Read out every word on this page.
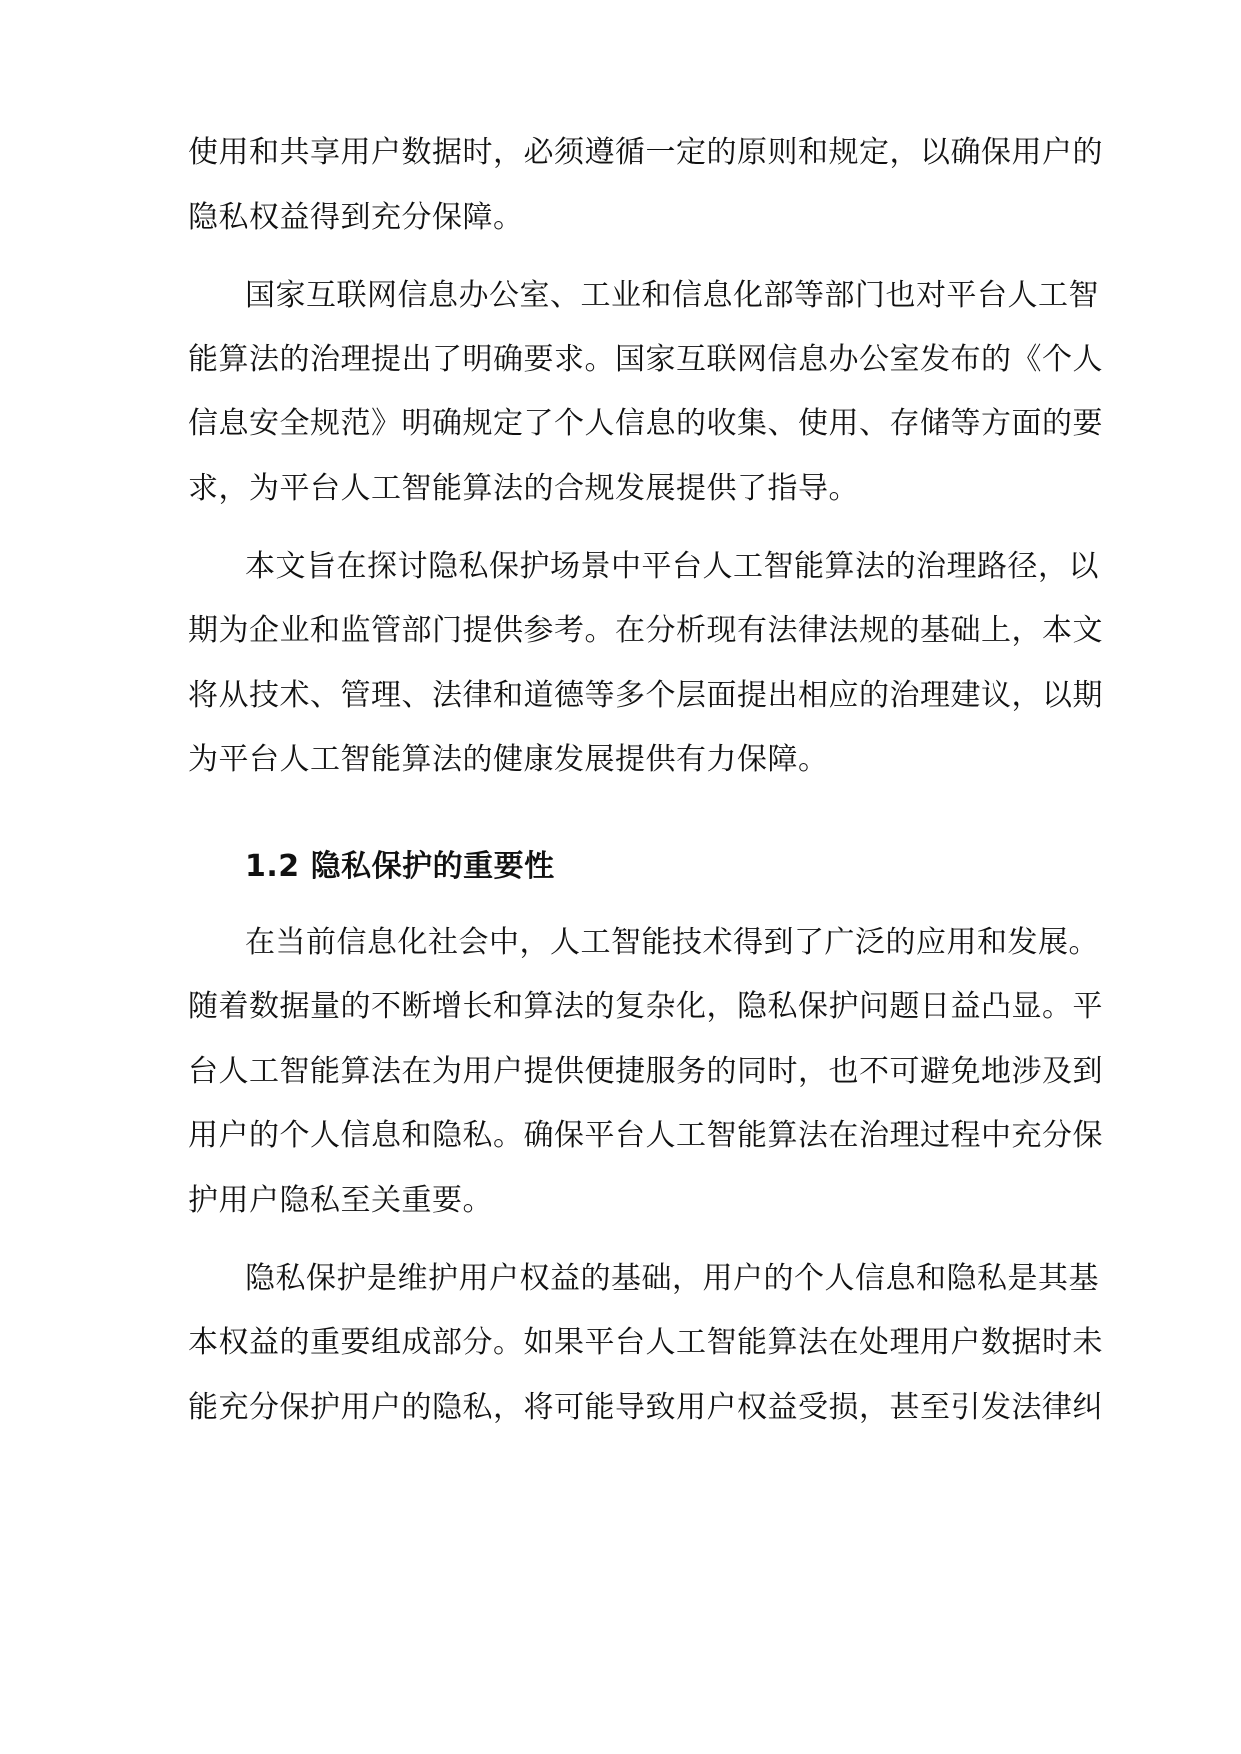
使用和共享用户数据时，必须遵循一定的原则和规定，以确保用户的

隐私权益得到充分保障。

国家互联网信息办公室、工业和信息化部等部门也对平台人工智

能算法的治理提出了明确要求。国家互联网信息办公室发布的《个人

信息安全规范》明确规定了个人信息的收集、使用、存储等方面的要

求，为平台人工智能算法的合规发展提供了指导。

本文旨在探讨隐私保护场景中平台人工智能算法的治理路径，以

期为企业和监管部门提供参考。在分析现有法律法规的基础上，本文

将从技术、管理、法律和道德等多个层面提出相应的治理建议，以期

为平台人工智能算法的健康发展提供有力保障。

1.2 隐私保护的重要性

在当前信息化社会中，人工智能技术得到了广泛的应用和发展。

随着数据量的不断增长和算法的复杂化，隐私保护问题日益凸显。平

台人工智能算法在为用户提供便捷服务的同时，也不可避免地涉及到

用户的个人信息和隐私。确保平台人工智能算法在治理过程中充分保

护用户隐私至关重要。

隐私保护是维护用户权益的基础，用户的个人信息和隐私是其基

本权益的重要组成部分。如果平台人工智能算法在处理用户数据时未

能充分保护用户的隐私，将可能导致用户权益受损，甚至引发法律纠
